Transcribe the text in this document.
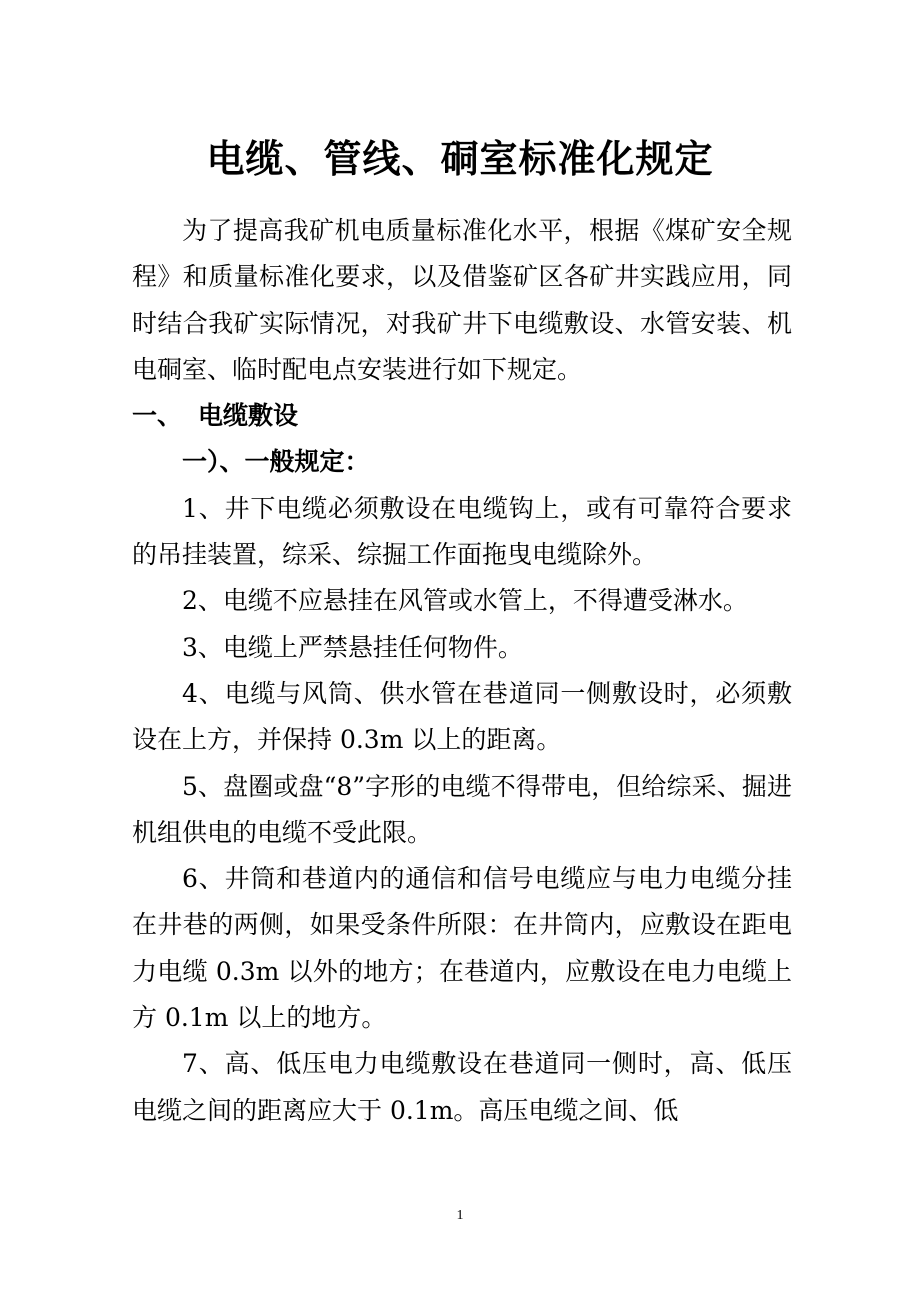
电缆、管线、硐室标准化规定

为了提高我矿机电质量标准化水平，根据《煤矿安全规程》和质量标准化要求，以及借鉴矿区各矿井实践应用，同时结合我矿实际情况，对我矿井下电缆敷设、水管安装、机电硐室、临时配电点安装进行如下规定。

一、 电缆敷设

一）、一般规定：

1、井下电缆必须敷设在电缆钩上，或有可靠符合要求的吊挂装置，综采、综掘工作面拖曳电缆除外。

2、电缆不应悬挂在风管或水管上，不得遭受淋水。

3、电缆上严禁悬挂任何物件。

4、电缆与风筒、供水管在巷道同一侧敷设时，必须敷设在上方，并保持 0.3m 以上的距离。

5、盘圈或盘“8”字形的电缆不得带电，但给综采、掘进机组供电的电缆不受此限。

6、井筒和巷道内的通信和信号电缆应与电力电缆分挂在井巷的两侧，如果受条件所限：在井筒内，应敷设在距电力电缆 0.3m 以外的地方；在巷道内，应敷设在电力电缆上方 0.1m 以上的地方。

7、高、低压电力电缆敷设在巷道同一侧时，高、低压电缆之间的距离应大于 0.1m。高压电缆之间、低

1
